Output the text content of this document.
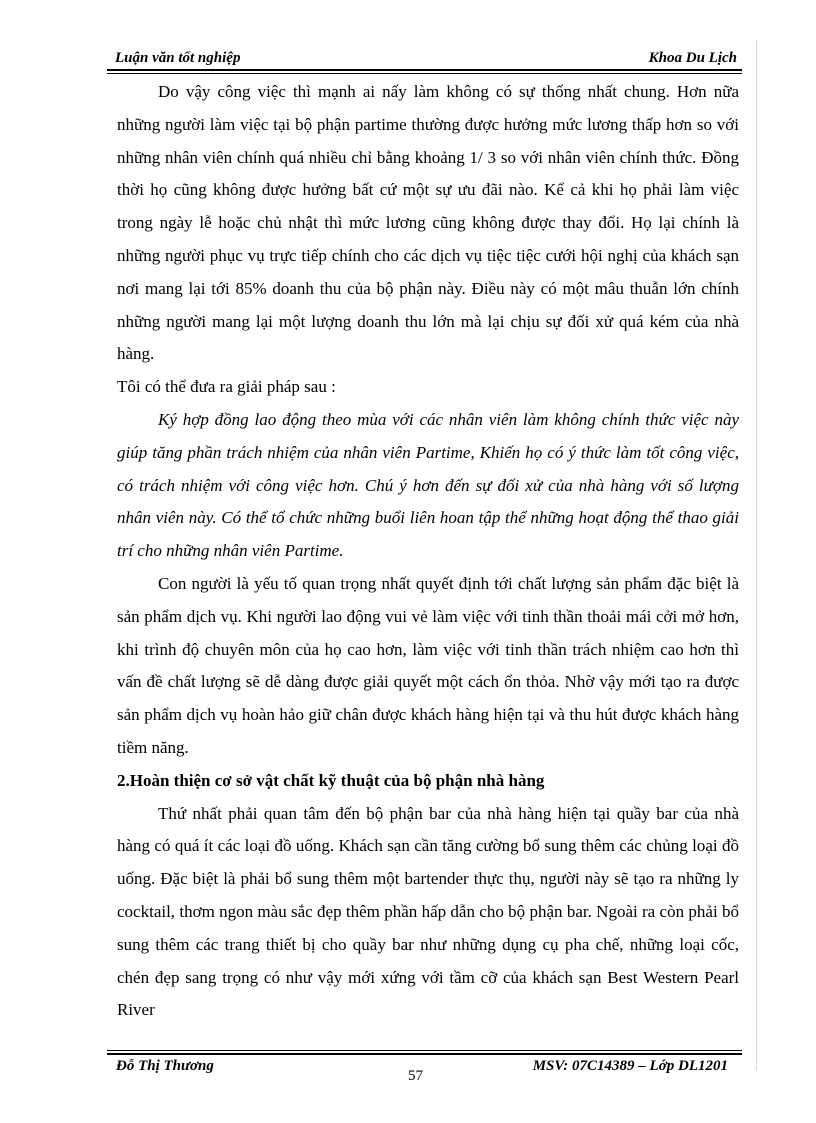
Luận văn tốt nghiệp	Khoa Du Lịch

Do vậy công việc thì mạnh ai nấy làm không có sự thống nhất chung. Hơn nữa những người làm việc tại bộ phận partime thường được hưởng mức lương thấp hơn so với những nhân viên chính quá nhiều chỉ bằng khoảng 1/ 3 so với nhân viên chính thức. Đồng thời họ cũng không được hưởng bất cứ một sự ưu đãi nào. Kể cả khi họ phải làm việc trong ngày lễ hoặc chủ nhật thì mức lương cũng không được thay đổi. Họ lại chính là những người phục vụ trực tiếp chính cho các dịch vụ tiệc tiệc cưới hội nghị của khách sạn nơi mang lại tới 85% doanh thu của bộ phận này. Điều này có một mâu thuẫn lớn chính những người mang lại một lượng doanh thu lớn mà lại chịu sự đối xử quá kém của nhà hàng.

Tôi có thể đưa ra giải pháp sau :

Ký hợp đồng lao động theo mùa với các nhân viên làm không chính thức việc này giúp tăng phần trách nhiệm của nhân viên Partime, Khiến họ có ý thức làm tốt công việc, có trách nhiệm với công việc hơn. Chú ý hơn đến sự đối xử của nhà hàng với số lượng nhân viên này. Có thể tổ chức những buổi liên hoan tập thể những hoạt động thể thao giải trí cho những nhân viên Partime.

Con người là yếu tố quan trọng nhất quyết định tới chất lượng sản phẩm đặc biệt là sản phẩm dịch vụ. Khi người lao động vui vẻ làm việc với tinh thần thoải mái cởi mở hơn, khi trình độ chuyên môn của họ cao hơn, làm việc với tinh thần trách nhiệm cao hơn thì vấn đề chất lượng sẽ dễ dàng được giải quyết một cách ổn thỏa. Nhờ vậy mới tạo ra được sản phẩm dịch vụ hoàn hảo giữ chân được khách hàng hiện tại và thu hút được khách hàng tiềm năng.

2.Hoàn thiện cơ sở vật chất kỹ thuật của bộ phận nhà hàng

Thứ nhất phải quan tâm đến bộ phận bar của nhà hàng hiện tại quầy bar của nhà hàng có quá ít các loại đồ uống. Khách sạn cần tăng cường bổ sung thêm các chủng loại đồ uống. Đặc biệt là phải bổ sung thêm một bartender thực thụ, người này sẽ tạo ra những ly cocktail, thơm ngon màu sắc đẹp thêm phần hấp dẫn cho bộ phận bar. Ngoài ra còn phải bổ sung thêm các trang thiết bị cho quầy bar như những dụng cụ pha chế, những loại cốc, chén đẹp sang trọng có như vậy mới xứng với tầm cỡ của khách sạn Best Western Pearl River

Đỗ Thị Thương
57
MSV: 07C14389 – Lớp DL1201
